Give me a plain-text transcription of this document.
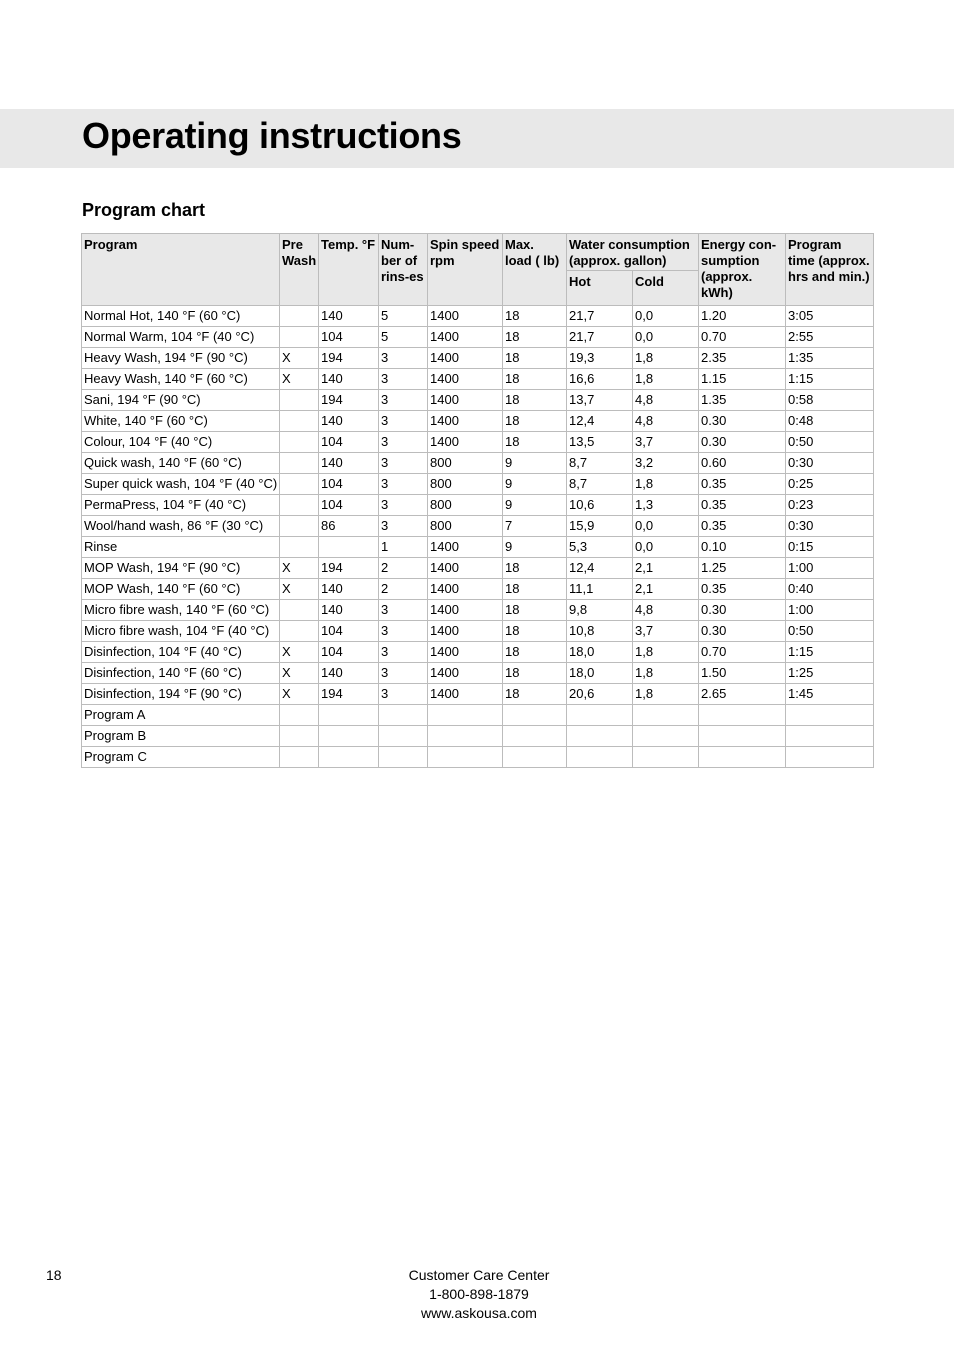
Operating instructions
Program chart
Program	Pre Wash	Temp. °F	Num-ber of rins-es	Spin speed rpm	Max. load ( lb)	Water consumption (approx. gallon)		Energy con-sumption (approx. kWh)	Program time (approx. hrs and min.)
						Hot	Cold		
Normal Hot, 140 °F (60 °C)		140	5	1400	18	21,7	0,0	1.20	3:05
Normal Warm, 104 °F (40 °C)		104	5	1400	18	21,7	0,0	0.70	2:55
Heavy Wash, 194 °F (90 °C)	X	194	3	1400	18	19,3	1,8	2.35	1:35
Heavy Wash, 140 °F (60 °C)	X	140	3	1400	18	16,6	1,8	1.15	1:15
Sani, 194 °F (90 °C)		194	3	1400	18	13,7	4,8	1.35	0:58
White, 140 °F (60 °C)		140	3	1400	18	12,4	4,8	0.30	0:48
Colour, 104 °F (40 °C)		104	3	1400	18	13,5	3,7	0.30	0:50
Quick wash, 140 °F (60 °C)		140	3	800	9	8,7	3,2	0.60	0:30
Super quick wash, 104 °F (40 °C)		104	3	800	9	8,7	1,8	0.35	0:25
PermaPress, 104 °F (40 °C)		104	3	800	9	10,6	1,3	0.35	0:23
Wool/hand wash, 86 °F (30 °C)		86	3	800	7	15,9	0,0	0.35	0:30
Rinse			1	1400	9	5,3	0,0	0.10	0:15
MOP Wash, 194 °F (90 °C)	X	194	2	1400	18	12,4	2,1	1.25	1:00
MOP Wash, 140 °F (60 °C)	X	140	2	1400	18	11,1	2,1	0.35	0:40
Micro fibre wash, 140 °F (60 °C)		140	3	1400	18	9,8	4,8	0.30	1:00
Micro fibre wash, 104 °F (40 °C)		104	3	1400	18	10,8	3,7	0.30	0:50
Disinfection, 104 °F (40 °C)	X	104	3	1400	18	18,0	1,8	0.70	1:15
Disinfection, 140 °F (60 °C)	X	140	3	1400	18	18,0	1,8	1.50	1:25
Disinfection, 194 °F (90 °C)	X	194	3	1400	18	20,6	1,8	2.65	1:45
Program A									
Program B									
Program C									
18	Customer Care Center
1-800-898-1879
www.askousa.com
